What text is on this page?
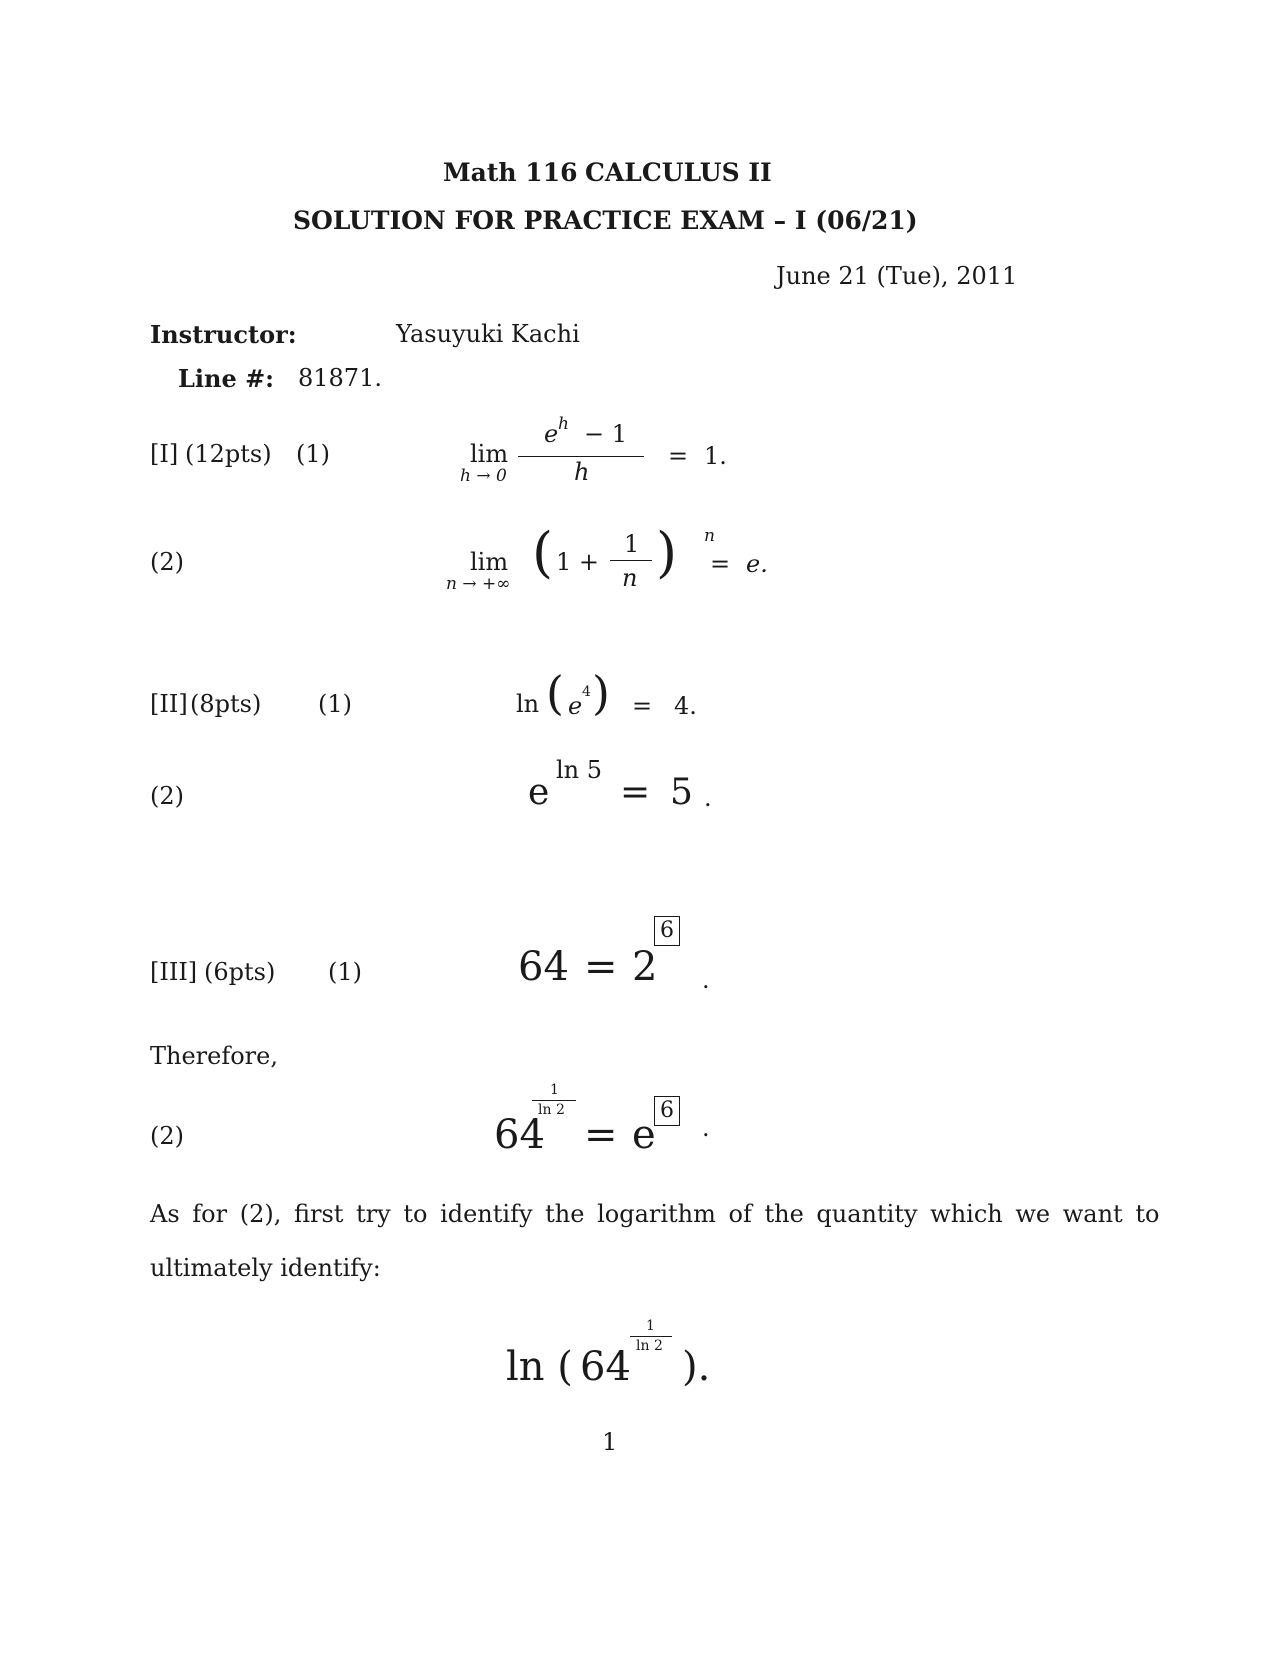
Math 116 CALCULUS II
SOLUTION FOR PRACTICE EXAM – I (06/21)
June 21 (Tue), 2011
Instructor:	Yasuyuki Kachi
Line #: 81871.
[I] (12pts) (1)	lim
h → 0
e h − 1
h
= 1.
(2)	lim
n → +∞ ( 1 +
1
n ) n
= e.
[II] (8pts) (1)	ln ( e 4 ) = 4.
(2)	e
ln 5
= 5 .
[III] (6pts) (1)	64 = 2
6
.
Therefore,
(2)	64
1
ln 2
= e
6
.
As for (2), first try to identify the logarithm of the quantity which we want to
ultimately identify:
ln ( 64
1
ln 2 ).
1
